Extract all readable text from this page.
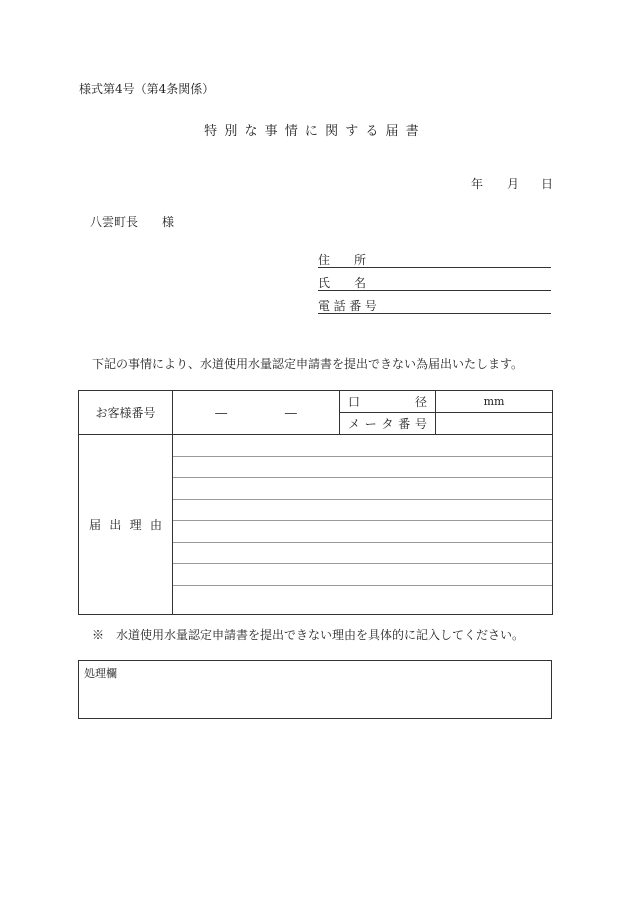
様式第4号（第4条関係）
特別な事情に関する届書
年 月 日
八雲町長　　様
住　　所
氏　　名
電話番号
下記の事情により、水道使用水量認定申請書を提出できない為届出いたします。
お客様番号	― ―	口 径	mm

		メ ー タ 番 号	

届 出 理 由			

※　水道使用水量認定申請書を提出できない理由を具体的に記入してください。
処理欄
